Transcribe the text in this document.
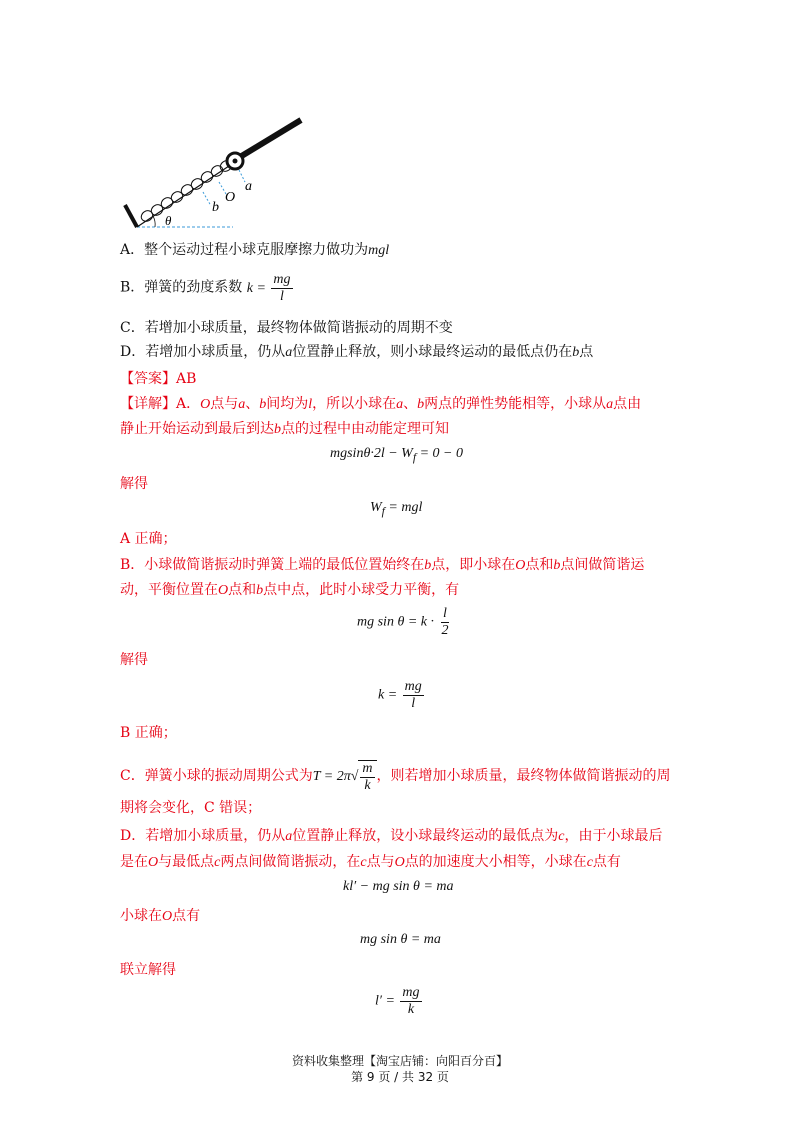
a
O
b
θ
A．整个运动过程小球克服摩擦力做功为mgl
B．弹簧的劲度系数 $k = \frac{mg}{l}$
C．若增加小球质量，最终物体做简谐振动的周期不变
D．若增加小球质量，仍从a位置静止释放，则小球最终运动的最低点仍在b点
【答案】AB
【详解】A．O点与a、b间均为l，所以小球在a、b两点的弹性势能相等，小球从a点由
静止开始运动到最后到达b点的过程中由动能定理可知
$mgsin\theta\cdot 2l - W_f = 0 - 0$
解得
$W_f$ = mgl
A 正确；
B．小球做简谐振动时弹簧上端的最低位置始终在b点，即小球在O点和b点间做简谐运
动，平衡位置在O点和b点中点，此时小球受力平衡，有
mg $\sin \theta = k \cdot \frac{l}{2}$
解得
$k = \frac{mg}{l}$
B 正确；
C．弹簧小球的振动周期公式为T = 2π √ $\frac{m}{k}$ ，则若增加小球质量，最终物体做简谐振动的周
期将会变化，C 错误；
D．若增加小球质量，仍从a位置静止释放，设小球最终运动的最低点为c，由于小球最后
是在O与最低点c两点间做简谐振动，在c点与O点的加速度大小相等，小球在c点有
kl′ − mg sin θ = ma
小球在O点有
mg sin θ = ma
联立解得
$l' = \frac{mg}{k}$
资料收集整理【淘宝店铺：向阳百分百】
第 9 页 / 共 32 页
